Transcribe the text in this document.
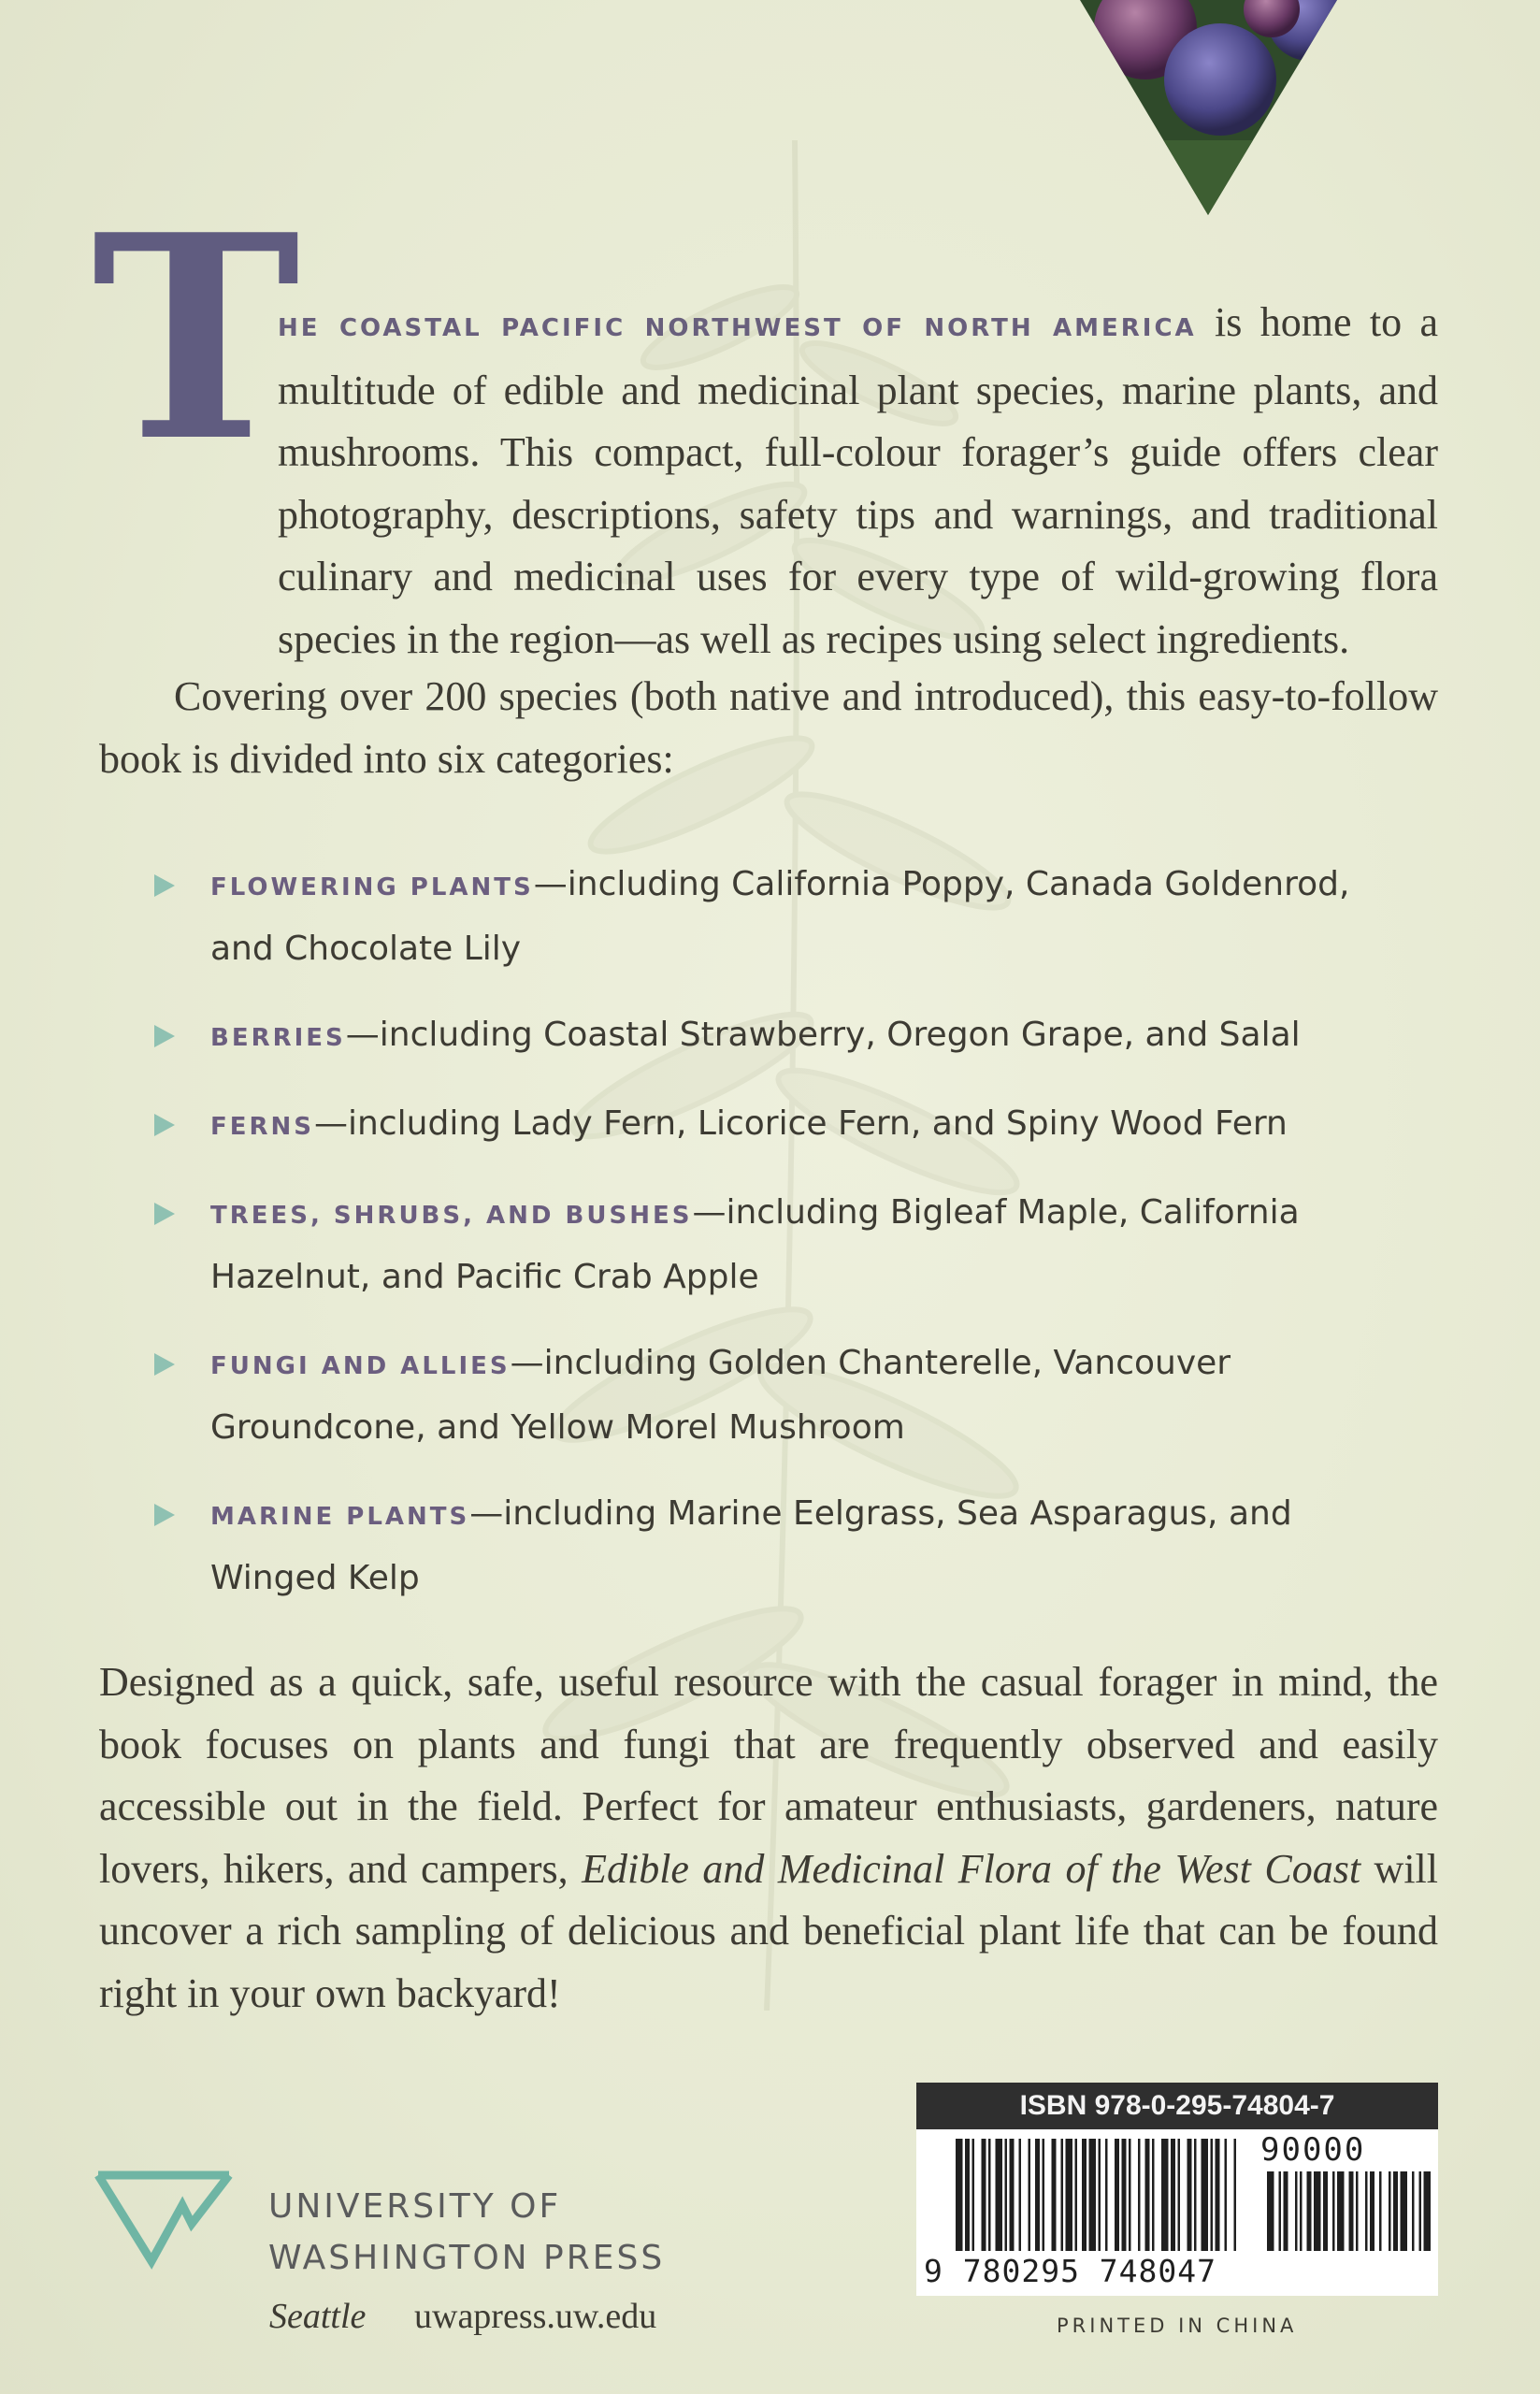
T
HE COASTAL PACIFIC NORTHWEST OF NORTH AMERICA is home to a multitude of edible and medicinal plant species, marine plants, and mushrooms. This compact, full-colour forager’s guide offers clear photography, descriptions, safety tips and warnings, and traditional culinary and medicinal uses for every type of wild-growing flora species in the region—as well as recipes using select ingredients.
Covering over 200 species (both native and introduced), this easy-to-follow book is divided into six categories:
FLOWERING PLANTS—including California Poppy, Canada Goldenrod, and Chocolate Lily
BERRIES—including Coastal Strawberry, Oregon Grape, and Salal
FERNS—including Lady Fern, Licorice Fern, and Spiny Wood Fern
TREES, SHRUBS, AND BUSHES—including Bigleaf Maple, California Hazelnut, and Pacific Crab Apple
FUNGI AND ALLIES—including Golden Chanterelle, Vancouver Groundcone, and Yellow Morel Mushroom
MARINE PLANTS—including Marine Eelgrass, Sea Asparagus, and Winged Kelp
Designed as a quick, safe, useful resource with the casual forager in mind, the book focuses on plants and fungi that are frequently observed and easily accessible out in the field. Perfect for amateur enthusiasts, gardeners, nature lovers, hikers, and campers, Edible and Medicinal Flora of the West Coast will uncover a rich sampling of delicious and beneficial plant life that can be found right in your own backyard!
UNIVERSITY OF
WASHINGTON PRESS
Seattle uwapress.uw.edu
ISBN 978-0-295-74804-7
90000
9 780295 748047
PRINTED IN CHINA
